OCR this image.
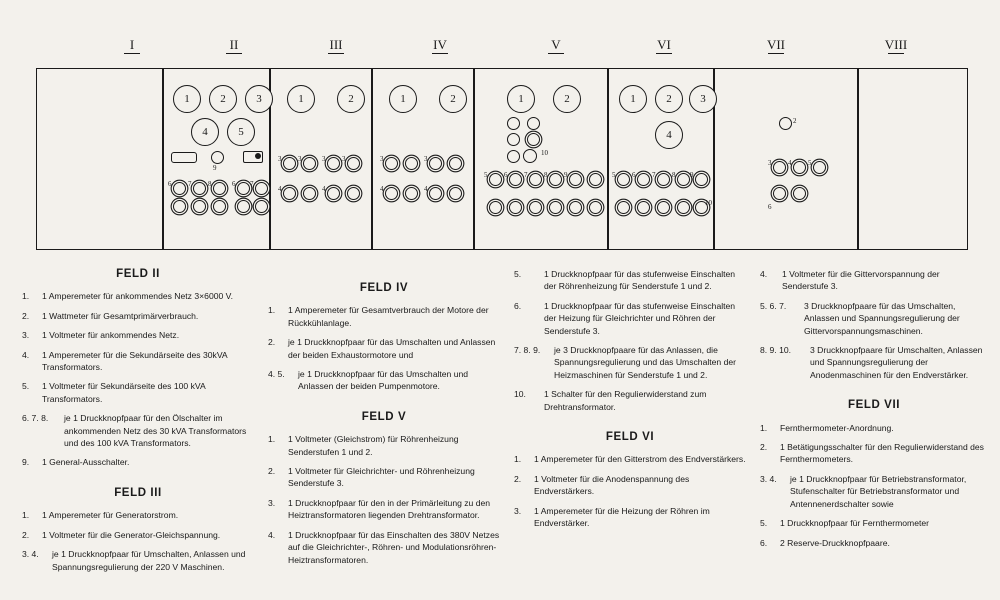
I	II	III	IV	V	VI	VII	VIII
1	2	3
4	5
9
6 7 8	6 7
1	2
3 3	3 3
4	4
1	2
3	3
4	4
1	2
10
5 6 7 8 9
1	2	3
4
5 6 7 8 9
10
2
3 4 5
6
FELD II
1. 1 Amperemeter für ankommendes Netz 3×6000 V.
2. 1 Wattmeter für Gesamtprimärverbrauch.
3. 1 Voltmeter für ankommendes Netz.
4. 1 Amperemeter für die Sekundärseite des 30kVA Transformators.
5. 1 Voltmeter für Sekundärseite des 100 kVA Transformators.
6. 7. 8. je 1 Druckknopfpaar für den Ölschalter im ankommenden Netz des 30 kVA Transformators und des 100 kVA Transformators.
9. 1 General-Ausschalter.
FELD III
1. 1 Amperemeter für Generatorstrom.
2. 1 Voltmeter für die Generator-Gleichspannung.
3. 4. je 1 Druckknopfpaar für Umschalten, Anlassen und Spannungsregulierung der 220 V Maschinen.
FELD IV
1. 1 Amperemeter für Gesamtverbrauch der Motore der Rückkühlanlage.
2. je 1 Druckknopfpaar für das Umschalten und Anlassen der beiden Exhaustormotore und
4. 5. je 1 Druckknopfpaar für das Umschalten und Anlassen der beiden Pumpenmotore.
FELD V
1. 1 Voltmeter (Gleichstrom) für Röhrenheizung Senderstufen 1 und 2.
2. 1 Voltmeter für Gleichrichter- und Röhrenheizung Senderstufe 3.
3. 1 Druckknopfpaar für den in der Primärleitung zu den Heiztransformatoren liegenden Drehtransformator.
4. 1 Druckknopfpaar für das Einschalten des 380V Netzes auf die Gleichrichter-, Röhren- und Modulationsröhren-Heiztransformatoren.
5.	1 Druckknopfpaar für das stufenweise Einschalten der Röhrenheizung für Senderstufe 1 und 2.
6.	1 Druckknopfpaar für das stufenweise Einschalten der Heizung für Gleichrichter und Röhren der Senderstufe 3.
7. 8. 9. je 3 Druckknopfpaare für das Anlassen, die Spannungsregulierung und das Umschalten der Heizmaschinen für Senderstufe 1 und 2.
10. 1 Schalter für den Regulierwiderstand zum Drehtransformator.
FELD VI
1. 1 Amperemeter für den Gitterstrom des Endverstärkers.
2. 1 Voltmeter für die Anodenspannung des Endverstärkers.
3. 1 Amperemeter für die Heizung der Röhren im Endverstärker.
4. 1 Voltmeter für die Gittervorspannung der Senderstufe 3.
5. 6. 7. 3 Druckknopfpaare für das Umschalten, Anlassen und Spannungsregulierung der Gittervorspannungsmaschinen.
8. 9. 10. 3 Druckknopfpaare für Umschalten, Anlassen und Spannungsregulierung der Anodenmaschinen für den Endverstärker.
FELD VII
1. Fernthermometer-Anordnung.
2. 1 Betätigungsschalter für den Regulierwiderstand des Fernthermometers.
3. 4. je 1 Druckknopfpaar für Betriebstransformator, Stufenschalter für Betriebstransformator und Antennenerdschalter sowie
5. 1 Druckknopfpaar für Fernthermometer
6. 2 Reserve-Druckknopfpaare.
